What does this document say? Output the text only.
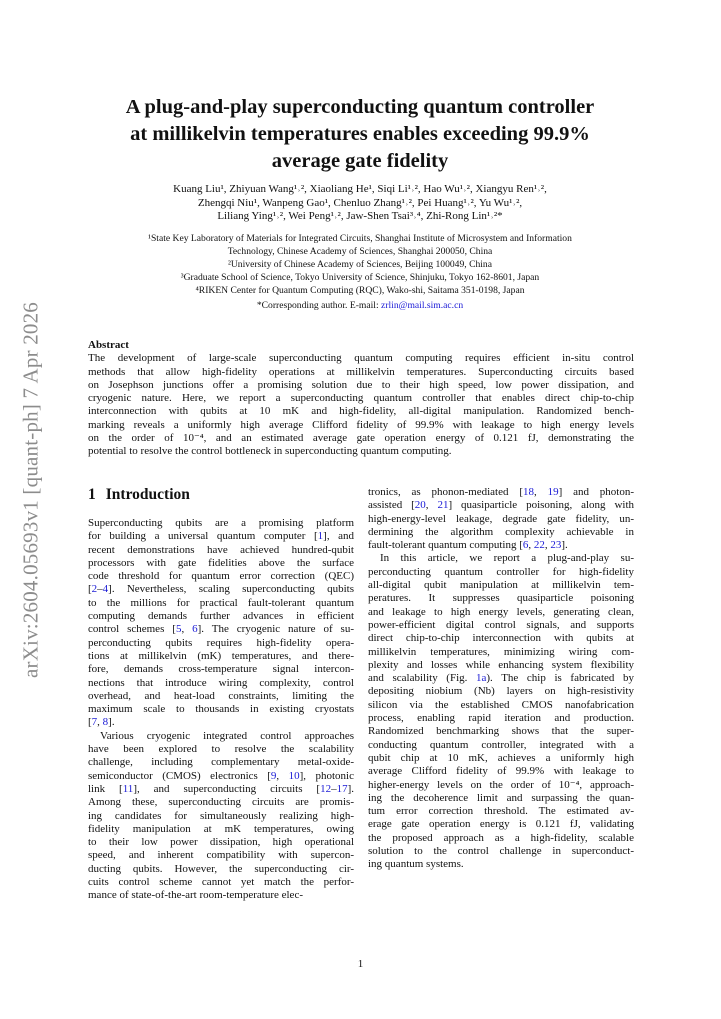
arXiv:2604.05693v1 [quant-ph] 7 Apr 2026
A plug-and-play superconducting quantum controller
at millikelvin temperatures enables exceeding 99.9%
average gate fidelity
Kuang Liu¹, Zhiyuan Wang¹˒², Xiaoliang He¹, Siqi Li¹˒², Hao Wu¹˒², Xiangyu Ren¹˒²,
Zhengqi Niu¹, Wanpeng Gao¹, Chenluo Zhang¹˒², Pei Huang¹˒², Yu Wu¹˒²,
Liliang Ying¹˒², Wei Peng¹˒², Jaw-Shen Tsai³˒⁴, Zhi-Rong Lin¹˒²*
¹State Key Laboratory of Materials for Integrated Circuits, Shanghai Institute of Microsystem and Information
Technology, Chinese Academy of Sciences, Shanghai 200050, China
²University of Chinese Academy of Sciences, Beijing 100049, China
³Graduate School of Science, Tokyo University of Science, Shinjuku, Tokyo 162-8601, Japan
⁴RIKEN Center for Quantum Computing (RQC), Wako-shi, Saitama 351-0198, Japan
*Corresponding author. E-mail: zrlin@mail.sim.ac.cn
Abstract
The development of large-scale superconducting quantum computing requires efficient in-situ control
methods that allow high-fidelity operations at millikelvin temperatures. Superconducting circuits based
on Josephson junctions offer a promising solution due to their high speed, low power dissipation, and
cryogenic nature. Here, we report a superconducting quantum controller that enables direct chip-to-chip
interconnection with qubits at 10 mK and high-fidelity, all-digital manipulation. Randomized bench-
marking reveals a uniformly high average Clifford fidelity of 99.9% with leakage to high energy levels
on the order of 10⁻⁴, and an estimated average gate operation energy of 0.121 fJ, demonstrating the
potential to resolve the control bottleneck in superconducting quantum computing.
1 Introduction
Superconducting qubits are a promising platform
for building a universal quantum computer [1], and
recent demonstrations have achieved hundred-qubit
processors with gate fidelities above the surface
code threshold for quantum error correction (QEC)
[2–4]. Nevertheless, scaling superconducting qubits
to the millions for practical fault-tolerant quantum
computing demands further advances in efficient
control schemes [5, 6]. The cryogenic nature of su-
perconducting qubits requires high-fidelity opera-
tions at millikelvin (mK) temperatures, and there-
fore, demands cross-temperature signal intercon-
nections that introduce wiring complexity, control
overhead, and heat-load constraints, limiting the
maximum scale to thousands in existing cryostats
[7, 8].
Various cryogenic integrated control approaches
have been explored to resolve the scalability
challenge, including complementary metal-oxide-
semiconductor (CMOS) electronics [9, 10], photonic
link [11], and superconducting circuits [12–17].
Among these, superconducting circuits are promis-
ing candidates for simultaneously realizing high-
fidelity manipulation at mK temperatures, owing
to their low power dissipation, high operational
speed, and inherent compatibility with supercon-
ducting qubits. However, the superconducting cir-
cuits control scheme cannot yet match the perfor-
mance of state-of-the-art room-temperature elec-
tronics, as phonon-mediated [18, 19] and photon-
assisted [20, 21] quasiparticle poisoning, along with
high-energy-level leakage, degrade gate fidelity, un-
dermining the algorithm complexity achievable in
fault-tolerant quantum computing [6, 22, 23].
In this article, we report a plug-and-play su-
perconducting quantum controller for high-fidelity
all-digital qubit manipulation at millikelvin tem-
peratures. It suppresses quasiparticle poisoning
and leakage to high energy levels, generating clean,
power-efficient digital control signals, and supports
direct chip-to-chip interconnection with qubits at
millikelvin temperatures, minimizing wiring com-
plexity and losses while enhancing system flexibility
and scalability (Fig. 1a). The chip is fabricated by
depositing niobium (Nb) layers on high-resistivity
silicon via the established CMOS nanofabrication
process, enabling rapid iteration and production.
Randomized benchmarking shows that the super-
conducting quantum controller, integrated with a
qubit chip at 10 mK, achieves a uniformly high
average Clifford fidelity of 99.9% with leakage to
higher-energy levels on the order of 10⁻⁴, approach-
ing the decoherence limit and surpassing the quan-
tum error correction threshold. The estimated av-
erage gate operation energy is 0.121 fJ, validating
the proposed approach as a high-fidelity, scalable
solution to the control challenge in superconduct-
ing quantum systems.
1
